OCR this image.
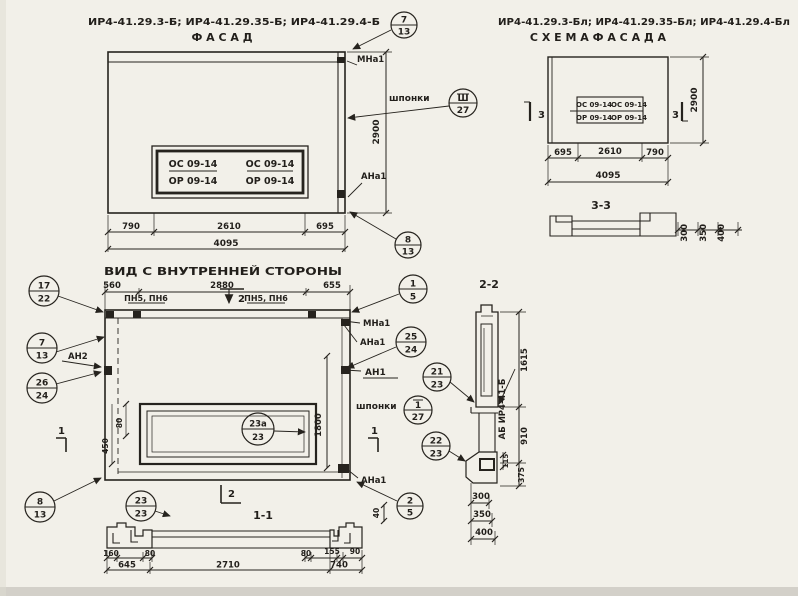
ИР4-41.29.3-Б; ИР4-41.29.35-Б; ИР4-41.29.4-Б
Ф А С А Д
ОС 09-14
ОР 09-14
ОС 09-14
ОР 09-14
МНа1
шпонки
АНа1
2900
7
13
Ш
27
8
13
790	2610	695
4095
ИР4-41.29.3-Бл; ИР4-41.29.35-Бл; ИР4-41.29.4-Бл
С Х Е М А Ф А С А Д А
ОС 09-14 ОС 09-14
ОР 09-14 ОР 09-14
3	3
2900
695	2610	790
4095
3-3
300 350 400
ВИД С ВНУТРЕННЕЙ СТОРОНЫ
560	2880	655
ПН5, ПН6	ПН5, ПН6
2
2
1	1
17
22
7
13
26
24
АН2
1
5
МНа1
АНа1
25
24
АН1
шпонки 1
27
23а
23
АНа1
2
5
8
13
23
23
1800
80
450
40
1-1
160	80	80 155 90
645	2710	740
2-2
21
23
22
23
1615
910
115
375
АБ ИР4-41-Б
300
350
400
